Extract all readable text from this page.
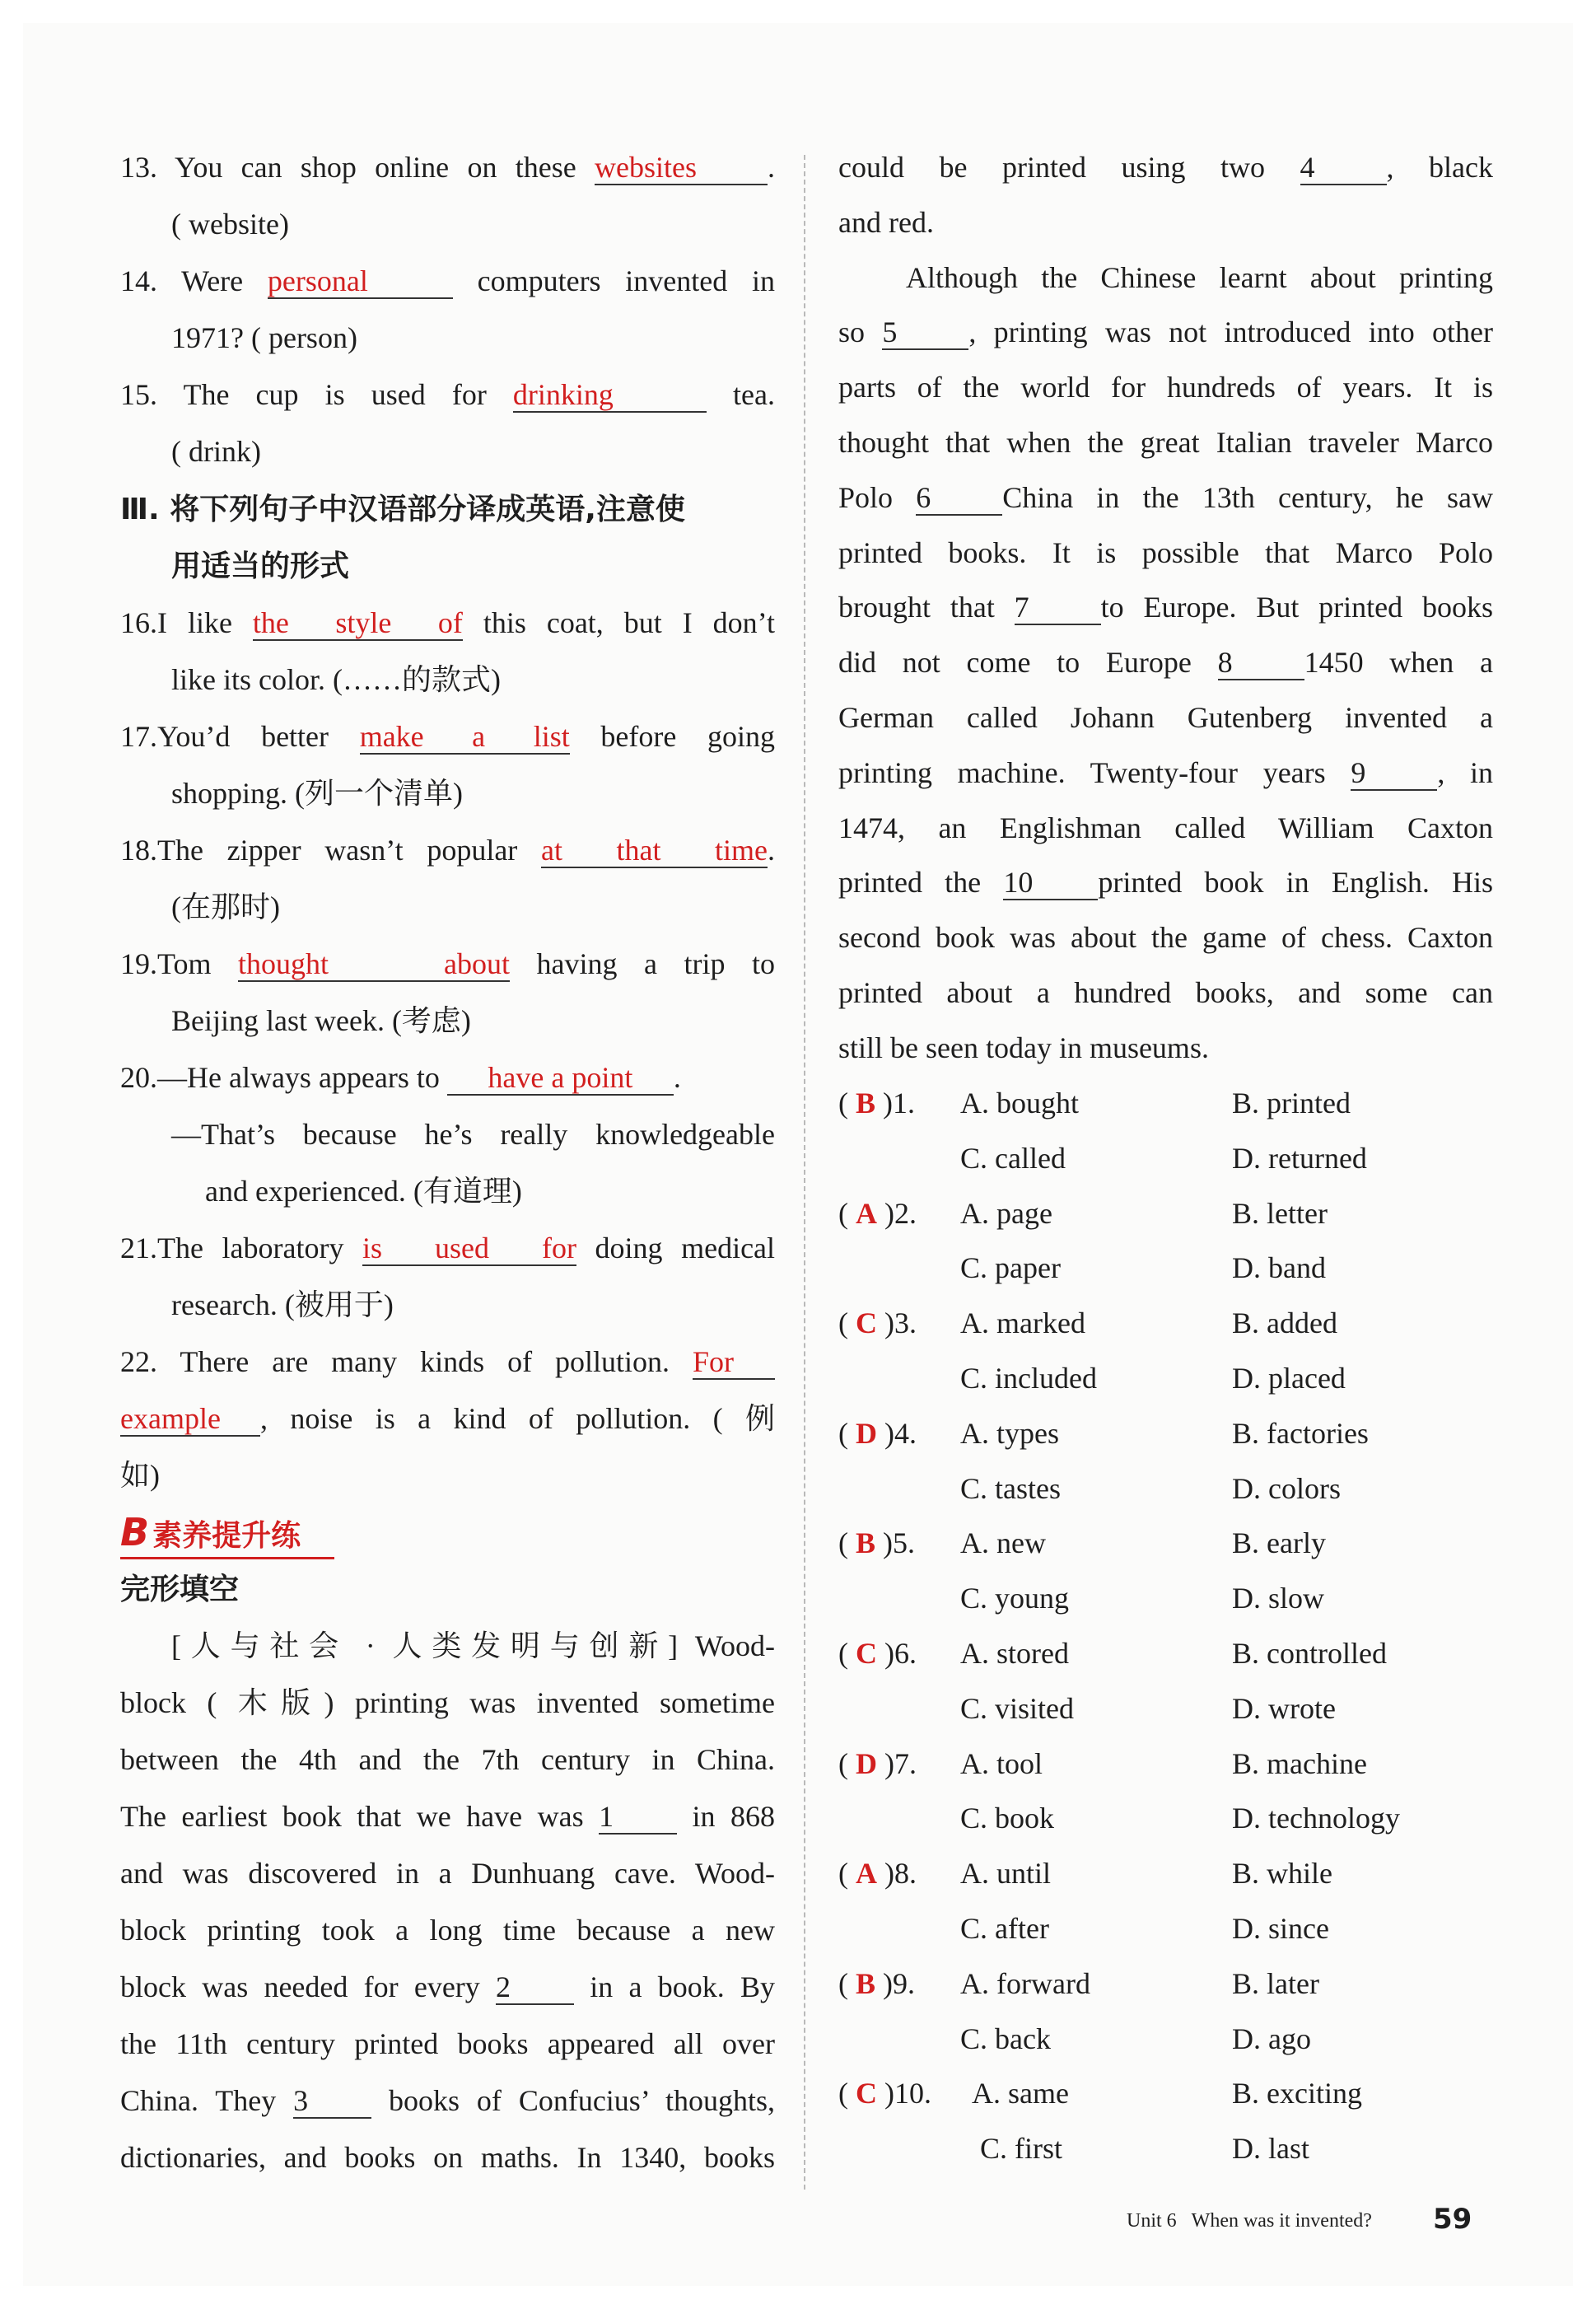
13. You can shop online on these websites .
( website)
14. Were personal	computers invented in
1971? ( person)
15. The cup is used for drinking	tea.
( drink)
Ⅲ. 将下列句子中汉语部分译成英语,注意使
用适当的形式
16.I like the style of this coat, but I don’t
like its color. (……的款式)
17.You’d better make a list before going
shopping. (列一个清单)
18.The zipper wasn’t popular at that time.
(在那时)
19.Tom thought about having a trip to
Beijing last week. (考虑)
20.—He always appears to have a point .
—That’s because he’s really knowledgeable
and experienced. (有道理)
21.The laboratory is used for doing medical
research. (被用于)
22. There are many kinds of pollution. For
example , noise is a kind of pollution. ( 例
如)
B 素养提升练
完形填空
[人与社会 · 人类发明与创新] Wood-
block ( 木版) printing was invented sometime
between the 4th and the 7th century in China.
The earliest book that we have was 1	in 868
and was discovered in a Dunhuang cave. Wood-
block printing took a long time because a new
block was needed for every 2	in a book. By
the 11th century printed books appeared all over
China. They 3	books of Confucius’ thoughts,
dictionaries, and books on maths. In 1340, books
could be printed using two 4 , black
and red.
Although the Chinese learnt about printing
so 5 , printing was not introduced into other
parts of the world for hundreds of years. It is
thought that when the great Italian traveler Marco
Polo 6 China in the 13th century, he saw
printed books. It is possible that Marco Polo
brought that 7 to Europe. But printed books
did not come to Europe 8 1450 when a
German called Johann Gutenberg invented a
printing machine. Twenty-four years 9 , in
1474, an Englishman called William Caxton
printed the 10 printed book in English. His
second book was about the game of chess. Caxton
printed about a hundred books, and some can
still be seen today in museums.
( B )1. A. bought	B. printed
C. called	D. returned
( A )2. A. page	B. letter
C. paper	D. band
( C )3. A. marked	B. added
C. included	D. placed
( D )4. A. types	B. factories
C. tastes	D. colors
( B )5. A. new	B. early
C. young	D. slow
( C )6. A. stored	B. controlled
C. visited	D. wrote
( D )7. A. tool	B. machine
C. book	D. technology
( A )8. A. until	B. while
C. after	D. since
( B )9. A. forward	B. later
C. back	D. ago
( C )10. A. same	B. exciting
C. first	D. last
Unit 6 When was it invented? 59
